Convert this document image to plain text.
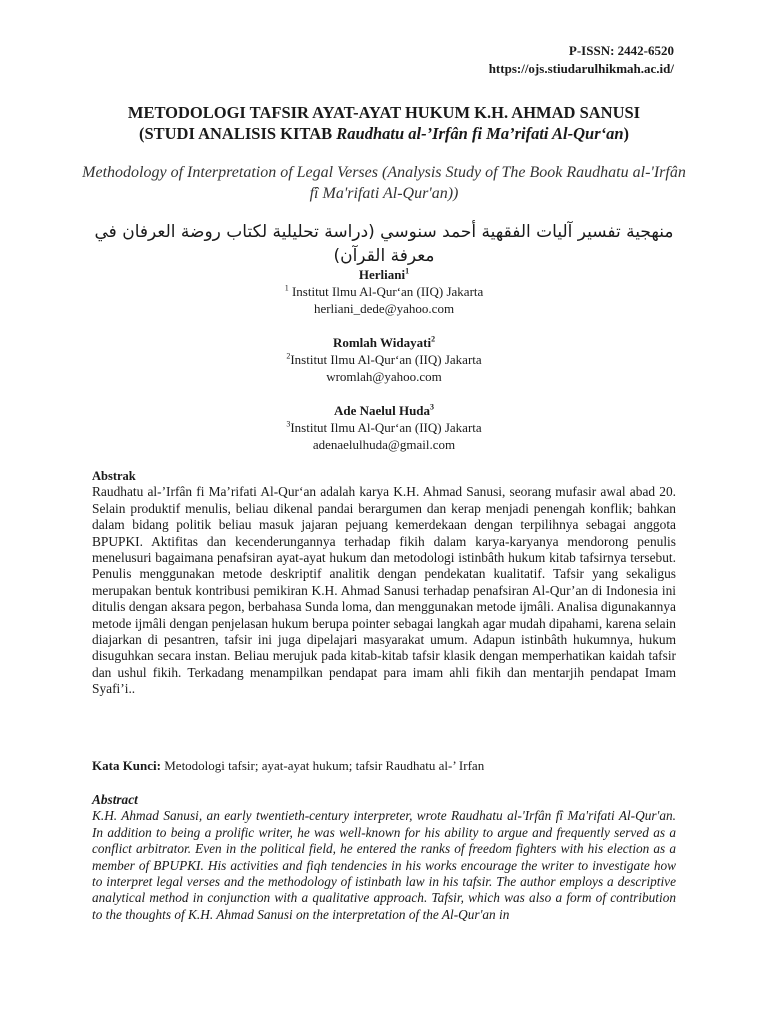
P-ISSN: 2442-6520
https://ojs.stiudarulhikmah.ac.id/
METODOLOGI TAFSIR AYAT-AYAT HUKUM K.H. AHMAD SANUSI
(STUDI ANALISIS KITAB Raudhatu al-’Irfân fi Ma’rifati Al-Qur‘an)
Methodology of Interpretation of Legal Verses (Analysis Study of The Book Raudhatu al-'Irfân fî Ma'rifati Al-Qur'an))
منهجية تفسير آليات الفقهية أحمد سنوسي (دراسة تحليلية لكتاب روضة العرفان في معرفة القرآن)
Herliani$^1$
$^1$ Institut Ilmu Al-Qur‘an (IIQ) Jakarta
herliani_dede@yahoo.com
Romlah Widayati$^2$
$^2$Institut Ilmu Al-Qur‘an (IIQ) Jakarta
wromlah@yahoo.com
Ade Naelul Huda$^3$
$^3$Institut Ilmu Al-Qur‘an (IIQ) Jakarta
adenaelulhuda@gmail.com
Abstrak
Raudhatu al-’Irfân fi Ma’rifati Al-Qur‘an adalah karya K.H. Ahmad Sanusi, seorang mufasir awal abad 20. Selain produktif menulis, beliau dikenal pandai berargumen dan kerap menjadi penengah konflik; bahkan dalam bidang politik beliau masuk jajaran pejuang kemerdekaan dengan terpilihnya sebagai anggota BPUPKI. Aktifitas dan kecenderungannya terhadap fikih dalam karya-karyanya mendorong penulis menelusuri bagaimana penafsiran ayat-ayat hukum dan metodologi istinbâth hukum kitab tafsirnya tersebut. Penulis menggunakan metode deskriptif analitik dengan pendekatan kualitatif. Tafsir yang sekaligus merupakan bentuk kontribusi pemikiran K.H. Ahmad Sanusi terhadap penafsiran Al-Qur’an di Indonesia ini ditulis dengan aksara pegon, berbahasa Sunda loma, dan menggunakan metode ijmâli. Analisa digunakannya metode ijmâli dengan penjelasan hukum berupa pointer sebagai langkah agar mudah dipahami, karena selain diajarkan di pesantren, tafsir ini juga dipelajari masyarakat umum. Adapun istinbâth hukumnya, hukum disuguhkan secara instan. Beliau merujuk pada kitab-kitab tafsir klasik dengan memperhatikan kaidah tafsir dan ushul fikih. Terkadang menampilkan pendapat para imam ahli fikih dan mentarjih pendapat Imam Syafi’i..
Kata Kunci: Metodologi tafsir; ayat-ayat hukum; tafsir Raudhatu al-’ Irfan
Abstract
K.H. Ahmad Sanusi, an early twentieth-century interpreter, wrote Raudhatu al-'Irfân fî Ma'rifati Al-Qur'an. In addition to being a prolific writer, he was well-known for his ability to argue and frequently served as a conflict arbitrator. Even in the political field, he entered the ranks of freedom fighters with his election as a member of BPUPKI. His activities and fiqh tendencies in his works encourage the writer to investigate how to interpret legal verses and the methodology of istinbath law in his tafsir. The author employs a descriptive analytical method in conjunction with a qualitative approach. Tafsir, which was also a form of contribution to the thoughts of K.H. Ahmad Sanusi on the interpretation of the Al-Qur'an in
